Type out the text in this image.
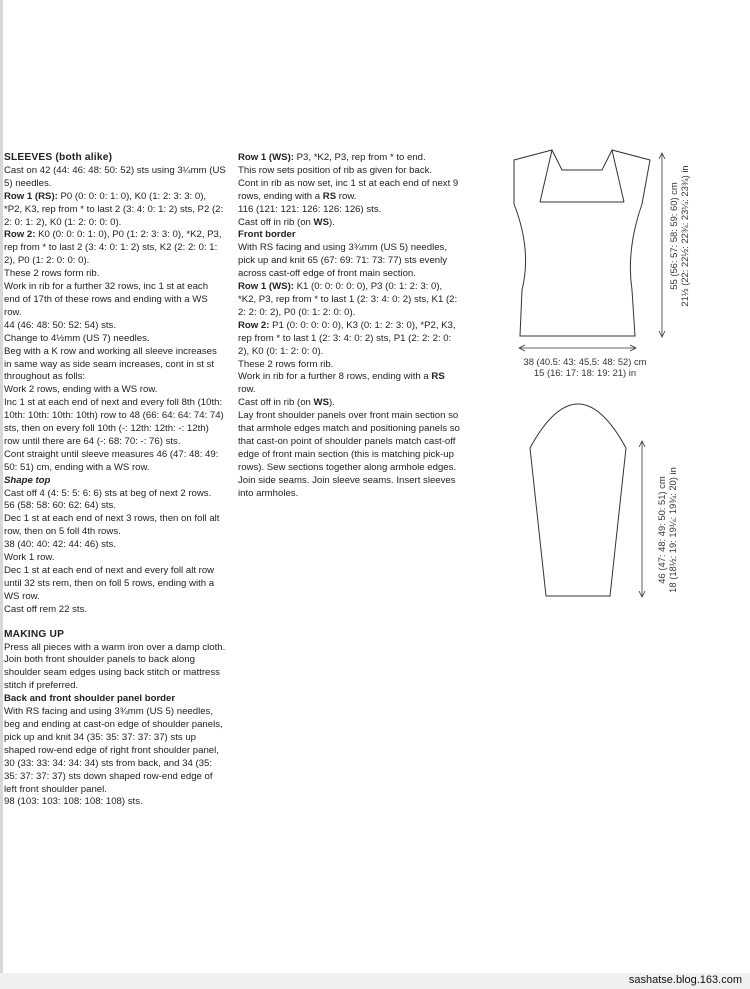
SLEEVES (both alike)

Cast on 42 (44: 46: 48: 50: 52) sts using 3¼mm (US 5) needles.

Row 1 (RS): P0 (0: 0: 0: 1: 0), K0 (1: 2: 3: 3: 0), *P2, K3, rep from * to last 2 (3: 4: 0: 1: 2) sts, P2 (2: 2: 0: 1: 2), K0 (1: 2: 0: 0: 0).

Row 2: K0 (0: 0: 0: 1: 0), P0 (1: 2: 3: 3: 0), *K2, P3, rep from * to last 2 (3: 4: 0: 1: 2) sts, K2 (2: 2: 0: 1: 2), P0 (1: 2: 0: 0: 0).

These 2 rows form rib.

Work in rib for a further 32 rows, inc 1 st at each end of 17th of these rows and ending with a WS row.

44 (46: 48: 50: 52: 54) sts.

Change to 4½mm (US 7) needles.

Beg with a K row and working all sleeve increases in same way as side seam increases, cont in st st throughout as folls:

Work 2 rows, ending with a WS row.

Inc 1 st at each end of next and every foll 8th (10th: 10th: 10th: 10th: 10th) row to 48 (66: 64: 64: 74: 74) sts, then on every foll 10th (-: 12th: 12th: -: 12th) row until there are 64 (-: 68: 70: -: 76) sts.

Cont straight until sleeve measures 46 (47: 48: 49: 50: 51) cm, ending with a WS row.

Shape top

Cast off 4 (4: 5: 5: 6: 6) sts at beg of next 2 rows.

56 (58: 58: 60: 62: 64) sts.

Dec 1 st at each end of next 3 rows, then on foll alt row, then on 5 foll 4th rows.

38 (40: 40: 42: 44: 46) sts.

Work 1 row.

Dec 1 st at each end of next and every foll alt row until 32 sts rem, then on foll 5 rows, ending with a WS row.

Cast off rem 22 sts.

MAKING UP

Press all pieces with a warm iron over a damp cloth.

Join both front shoulder panels to back along shoulder seam edges using back stitch or mattress stitch if preferred.

Back and front shoulder panel border

With RS facing and using 3¾mm (US 5) needles, beg and ending at cast-on edge of shoulder panels, pick up and knit 34 (35: 35: 37: 37: 37) sts up shaped row-end edge of right front shoulder panel, 30 (33: 33: 34: 34: 34) sts from back, and 34 (35: 35: 37: 37: 37) sts down shaped row-end edge of left front shoulder panel.

98 (103: 103: 108: 108: 108) sts.

Row 1 (WS): P3, *K2, P3, rep from * to end.

This row sets position of rib as given for back.

Cont in rib as now set, inc 1 st at each end of next 9 rows, ending with a RS row.

116 (121: 121: 126: 126: 126) sts.

Cast off in rib (on WS).

Front border

With RS facing and using 3¾mm (US 5) needles, pick up and knit 65 (67: 69: 71: 73: 77) sts evenly across cast-off edge of front main section.

Row 1 (WS): K1 (0: 0: 0: 0: 0), P3 (0: 1: 2: 3: 0), *K2, P3, rep from * to last 1 (2: 3: 4: 0: 2) sts, K1 (2: 2: 2: 0: 2), P0 (0: 1: 2: 0: 0).

Row 2: P1 (0: 0: 0: 0: 0), K3 (0: 1: 2: 3: 0), *P2, K3, rep from * to last 1 (2: 3: 4: 0: 2) sts, P1 (2: 2: 2: 0: 2), K0 (0: 1: 2: 0: 0).

These 2 rows form rib.

Work in rib for a further 8 rows, ending with a RS row.

Cast off in rib (on WS).

Lay front shoulder panels over front main section so that armhole edges match and positioning panels so that cast-on point of shoulder panels match cast-off edge of front main section (this is matching pick-up rows). Sew sections together along armhole edges. Join side seams. Join sleeve seams. Insert sleeves into armholes.

55 (56: 57: 58: 59: 60) cm 21½ (22: 22½: 22¾: 23¼: 23¾) in
38 (40.5: 43: 45.5: 48: 52) cm
15 (16: 17: 18: 19: 21) in
46 (47: 48: 49: 50: 51) cm 18 (18½: 19: 19¼: 19¾: 20) in
sashatse.blog.163.com
